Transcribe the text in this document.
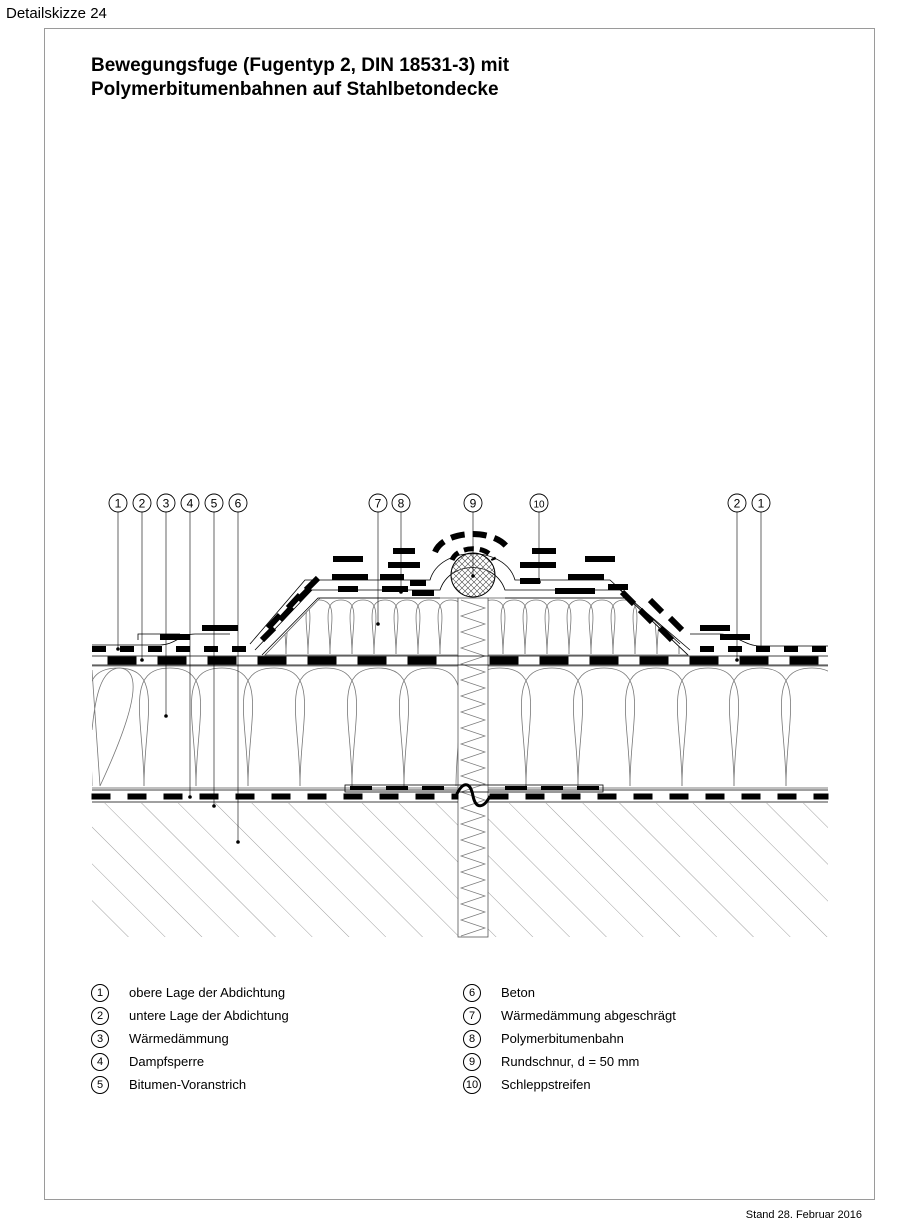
Detailskizze 24
Bewegungsfuge (Fugentyp 2, DIN 18531-3) mit
Polymerbitumenbahnen auf Stahlbetondecke
1 2 3 4 5 6	7 8	9	10	2 1
1	obere Lage der Abdichtung
2	untere Lage der Abdichtung
3	Wärmedämmung
4	Dampfsperre
5	Bitumen-Voranstrich
6	Beton
7	Wärmedämmung abgeschrägt
8	Polymerbitumenbahn
9	Rundschnur, d = 50 mm
10 Schleppstreifen
Stand 28. Februar 2016
